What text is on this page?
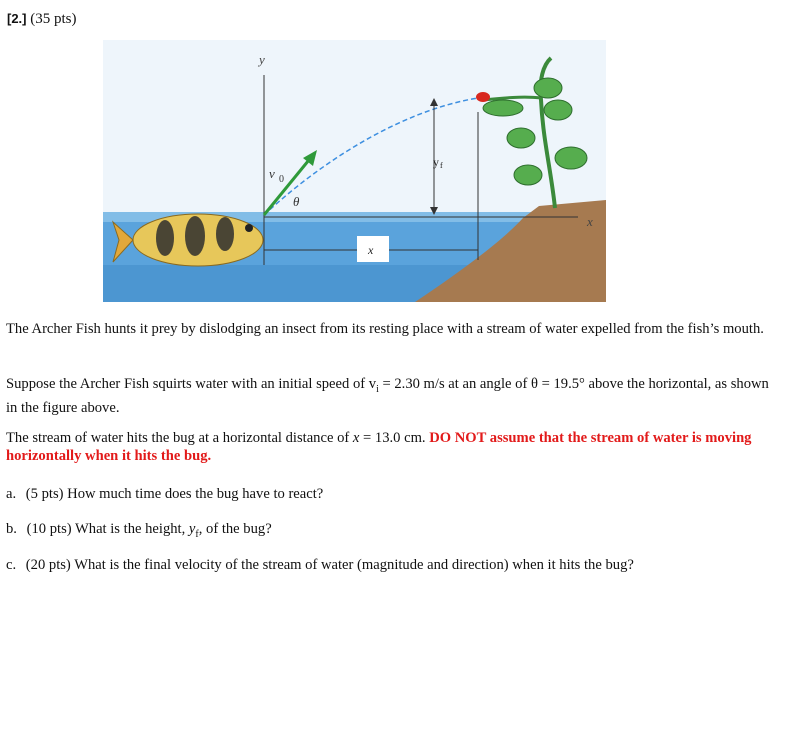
[2.] (35 pts)
y
x
v 0
θ
y f
x
The Archer Fish hunts it prey by dislodging an insect from its resting place with a stream of water expelled from the fish’s mouth.
Suppose the Archer Fish squirts water with an initial speed of $v_i = 2.30$ m/s at an angle of θ = 19.5° above the horizontal, as shown in the figure above.
The stream of water hits the bug at a horizontal distance of x = 13.0 cm. DO NOT assume that the stream of water is moving horizontally when it hits the bug.
a. (5 pts) How much time does the bug have to react?
b. (10 pts) What is the height, $y_f$, of the bug?
c. (20 pts) What is the final velocity of the stream of water (magnitude and direction) when it hits the bug?
